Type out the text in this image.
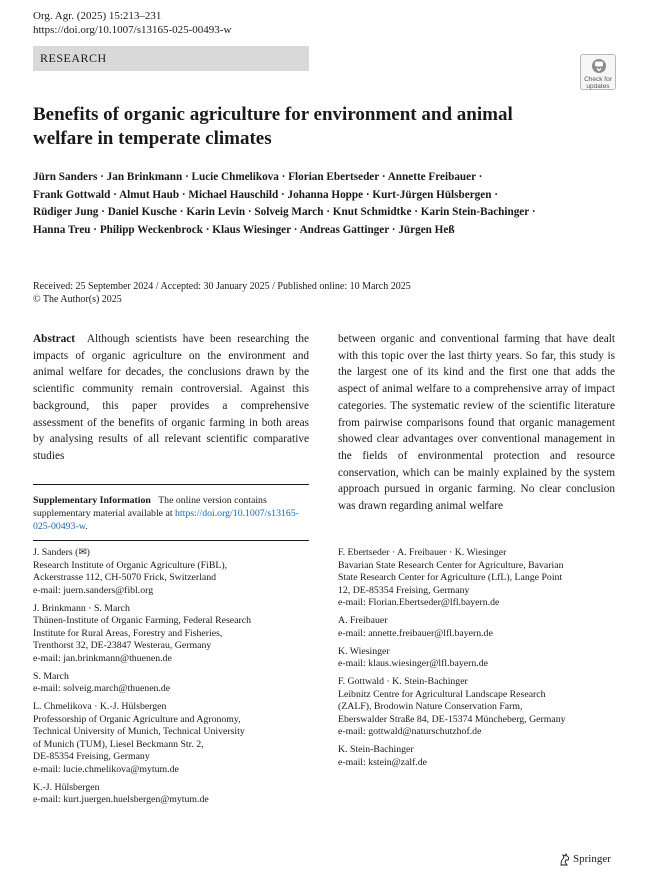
Org. Agr. (2025) 15:213–231
https://doi.org/10.1007/s13165-025-00493-w
RESEARCH
Check for updates
Benefits of organic agriculture for environment and animal
welfare in temperate climates
Jürn Sanders · Jan Brinkmann · Lucie Chmelikova · Florian Ebertseder · Annette Freibauer ·
Frank Gottwald · Almut Haub · Michael Hauschild · Johanna Hoppe · Kurt-Jürgen Hülsbergen ·
Rüdiger Jung · Daniel Kusche · Karin Levin · Solveig March · Knut Schmidtke · Karin Stein-Bachinger ·
Hanna Treu · Philipp Weckenbrock · Klaus Wiesinger · Andreas Gattinger · Jürgen Heß
Received: 25 September 2024 / Accepted: 30 January 2025 / Published online: 10 March 2025
© The Author(s) 2025
Abstract Although scientists have been researching the impacts of organic agriculture on the environment and animal welfare for decades, the conclusions drawn by the scientific community remain controversial. Against this background, this paper provides a comprehensive assessment of the benefits of organic farming in both areas by analysing results of all relevant scientific comparative studies
between organic and conventional farming that have dealt with this topic over the last thirty years. So far, this study is the largest one of its kind and the first one that adds the aspect of animal welfare to a comprehensive array of impact categories. The systematic review of the scientific literature from pairwise comparisons found that organic management showed clear advantages over conventional management in the fields of environmental protection and resource conservation, which can be mainly explained by the system approach pursued in organic farming. No clear conclusion was drawn regarding animal welfare
Supplementary Information The online version contains supplementary material available at https://doi.org/10.1007/s13165-025-00493-w.
J. Sanders (✉)
Research Institute of Organic Agriculture (FiBL),
Ackerstrasse 112, CH-5070 Frick, Switzerland
e-mail: juern.sanders@fibl.org
J. Brinkmann · S. March
Thünen-Institute of Organic Farming, Federal Research
Institute for Rural Areas, Forestry and Fisheries,
Trenthorst 32, DE-23847 Westerau, Germany
e-mail: jan.brinkmann@thuenen.de
S. March
e-mail: solveig.march@thuenen.de
L. Chmelikova · K.-J. Hülsbergen
Professorship of Organic Agriculture and Agronomy,
Technical University of Munich, Technical University
of Munich (TUM), Liesel Beckmann Str. 2,
DE-85354 Freising, Germany
e-mail: lucie.chmelikova@mytum.de
K.-J. Hülsbergen
e-mail: kurt.juergen.huelsbergen@mytum.de
F. Ebertseder · A. Freibauer · K. Wiesinger
Bavarian State Research Center for Agriculture, Bavarian
State Research Center for Agriculture (LfL), Lange Point
12, DE-85354 Freising, Germany
e-mail: Florian.Ebertseder@lfl.bayern.de
A. Freibauer
e-mail: annette.freibauer@lfl.bayern.de
K. Wiesinger
e-mail: klaus.wiesinger@lfl.bayern.de
F. Gottwald · K. Stein-Bachinger
Leibnitz Centre for Agricultural Landscape Research
(ZALF), Brodowin Nature Conservation Farm,
Eberswalder Straße 84, DE-15374 Müncheberg, Germany
e-mail: gottwald@naturschutzhof.de
K. Stein-Bachinger
e-mail: kstein@zalf.de
Springer
